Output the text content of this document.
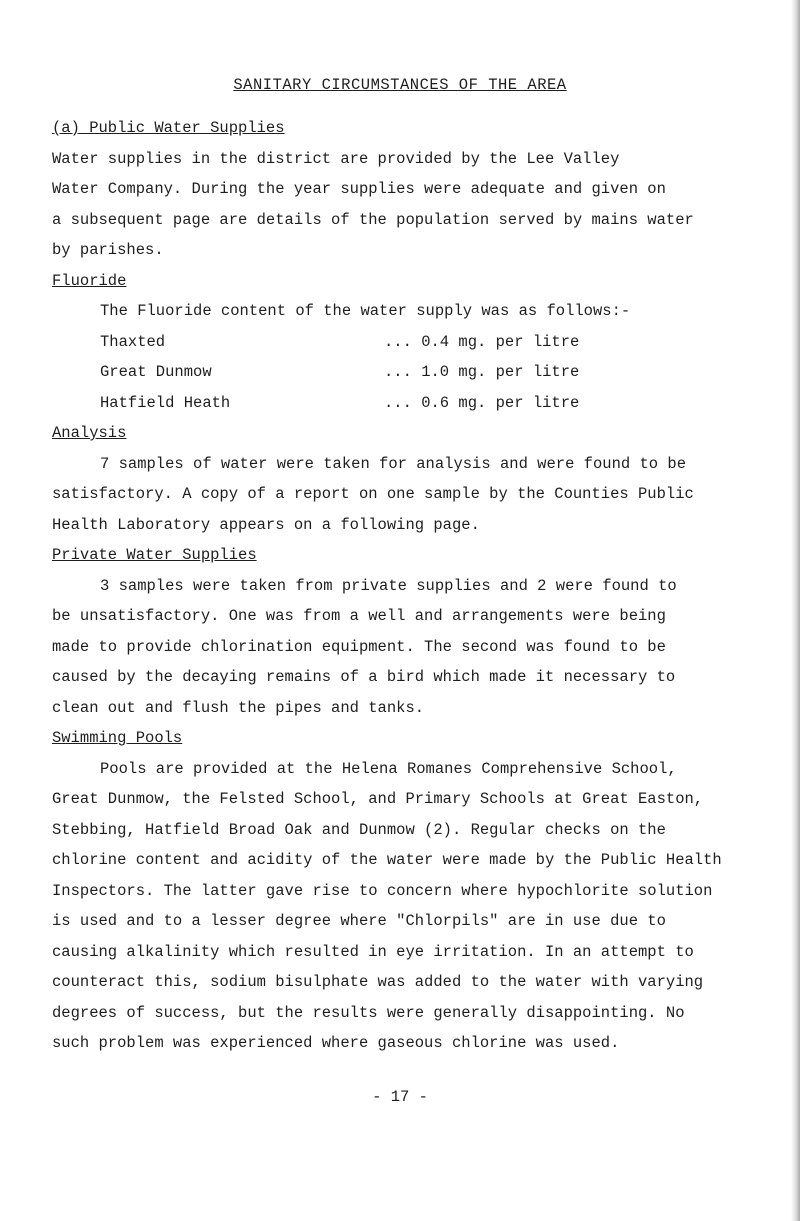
SANITARY CIRCUMSTANCES OF THE AREA
(a) Public Water Supplies
Water supplies in the district are provided by the Lee Valley
Water Company. During the year supplies were adequate and given on
a subsequent page are details of the population served by mains water
by parishes.
Fluoride
The Fluoride content of the water supply was as follows:-
Thaxted	... 0.4 mg. per litre
Great Dunmow	... 1.0 mg. per litre
Hatfield Heath	... 0.6 mg. per litre
Analysis
7 samples of water were taken for analysis and were found to be
satisfactory. A copy of a report on one sample by the Counties Public
Health Laboratory appears on a following page.
Private Water Supplies
3 samples were taken from private supplies and 2 were found to
be unsatisfactory. One was from a well and arrangements were being
made to provide chlorination equipment. The second was found to be
caused by the decaying remains of a bird which made it necessary to
clean out and flush the pipes and tanks.
Swimming Pools
Pools are provided at the Helena Romanes Comprehensive School,
Great Dunmow, the Felsted School, and Primary Schools at Great Easton,
Stebbing, Hatfield Broad Oak and Dunmow (2). Regular checks on the
chlorine content and acidity of the water were made by the Public Health
Inspectors. The latter gave rise to concern where hypochlorite solution
is used and to a lesser degree where "Chlorpils" are in use due to
causing alkalinity which resulted in eye irritation. In an attempt to
counteract this, sodium bisulphate was added to the water with varying
degrees of success, but the results were generally disappointing. No
such problem was experienced where gaseous chlorine was used.
- 17 -
